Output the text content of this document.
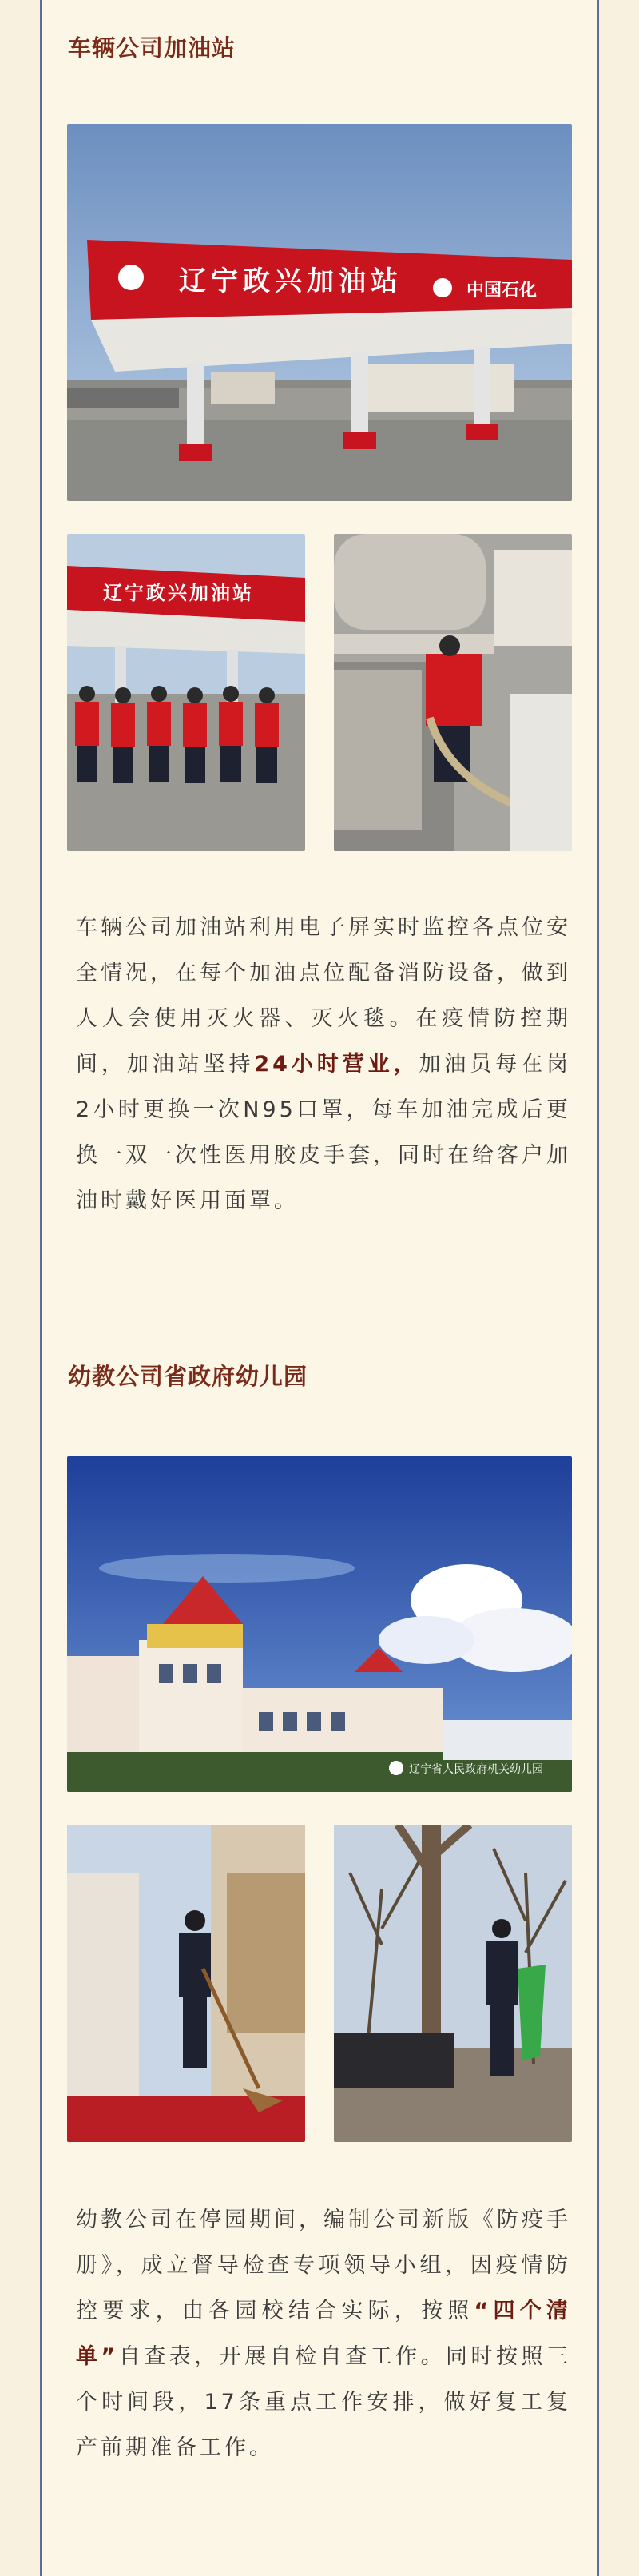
车辆公司加油站
辽宁政兴加油站	中国石化
辽宁政兴加油站
车辆公司加油站利用电子屏实时监控各点位安全情况，在每个加油点位配备消防设备，做到人人会使用灭火器、灭火毯。在疫情防控期间，加油站坚持24小时营业，加油员每在岗2小时更换一次N95口罩，每车加油完成后更换一双一次性医用胶皮手套，同时在给客户加油时戴好医用面罩。
幼教公司省政府幼儿园
辽宁省人民政府机关幼儿园
幼教公司在停园期间，编制公司新版《防疫手册》，成立督导检查专项领导小组，因疫情防控要求，由各园校结合实际，按照“四个清单”自查表，开展自检自查工作。同时按照三个时间段，17条重点工作安排，做好复工复产前期准备工作。
